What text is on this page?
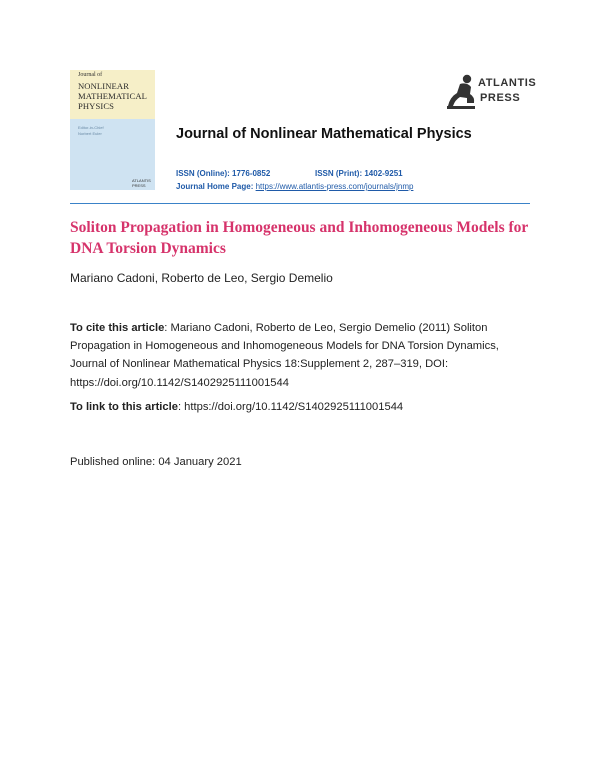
Journal of
NONLINEAR
MATHEMATICAL
PHYSICS
Editor-in-Chief
Norbert Euler
ATLANTIS PRESS
ATLANTIS
PRESS
Journal of Nonlinear Mathematical Physics
ISSN (Online): 1776-0852	ISSN (Print): 1402-9251
Journal Home Page: https://www.atlantis-press.com/journals/jnmp
Soliton Propagation in Homogeneous and Inhomogeneous Models for DNA Torsion Dynamics
Mariano Cadoni, Roberto de Leo, Sergio Demelio
To cite this article: Mariano Cadoni, Roberto de Leo, Sergio Demelio (2011) Soliton Propagation in Homogeneous and Inhomogeneous Models for DNA Torsion Dynamics, Journal of Nonlinear Mathematical Physics 18:Supplement 2, 287–319, DOI: https://doi.org/10.1142/S1402925111001544
To link to this article: https://doi.org/10.1142/S1402925111001544
Published online: 04 January 2021
